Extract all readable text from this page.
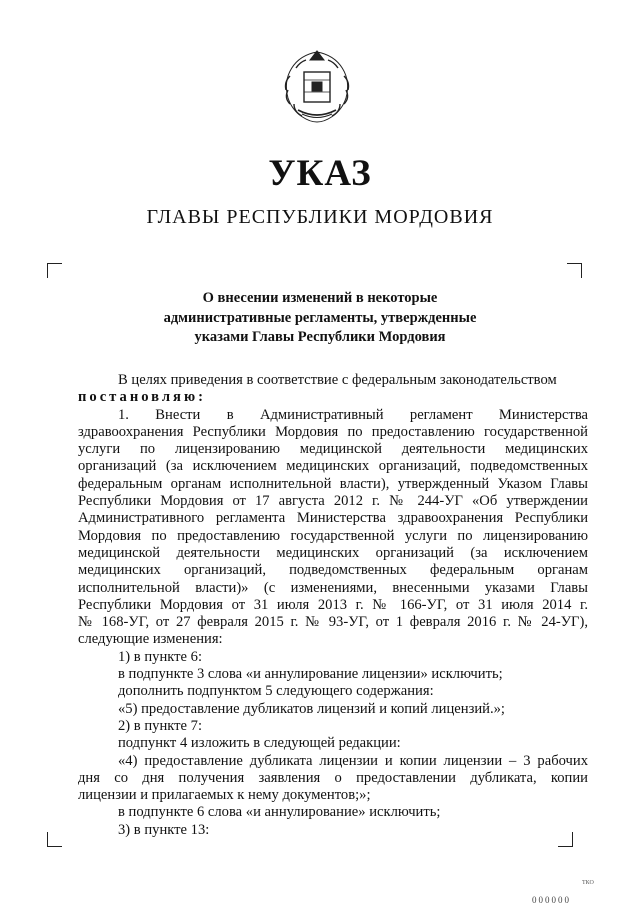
УКАЗ
ГЛАВЫ РЕСПУБЛИКИ МОРДОВИЯ
О внесении изменений в некоторые
административные регламенты, утвержденные
указами Главы Республики Мордовия
В целях приведения в соответствие с федеральным законодательством
постановляю:
1. Внести в Административный регламент Министерства
здравоохранения Республики Мордовия по предоставлению государственной
услуги по лицензированию медицинской деятельности медицинских
организаций (за исключением медицинских организаций, подведомственных
федеральным органам исполнительной власти), утвержденный Указом Главы
Республики Мордовия от 17 августа 2012 г. № 244-УГ «Об утверждении
Административного регламента Министерства здравоохранения Республики
Мордовия по предоставлению государственной услуги по лицензированию
медицинской деятельности медицинских организаций (за исключением
медицинских организаций, подведомственных федеральным органам
исполнительной власти)» (с изменениями, внесенными указами Главы
Республики Мордовия от 31 июля 2013 г. № 166-УГ, от 31 июля 2014 г.
№ 168-УГ, от 27 февраля 2015 г. № 93-УГ, от 1 февраля 2016 г. № 24-УГ),
следующие изменения:
1) в пункте 6:
в подпункте 3 слова «и аннулирование лицензии» исключить;
дополнить подпунктом 5 следующего содержания:
«5) предоставление дубликатов лицензий и копий лицензий.»;
2) в пункте 7:
подпункт 4 изложить в следующей редакции:
«4) предоставление дубликата лицензии и копии лицензии – 3 рабочих
дня со дня получения заявления о предоставлении дубликата, копии
лицензии и прилагаемых к нему документов;»;
в подпункте 6 слова «и аннулирование» исключить;
3) в пункте 13:
ТКО
000000
